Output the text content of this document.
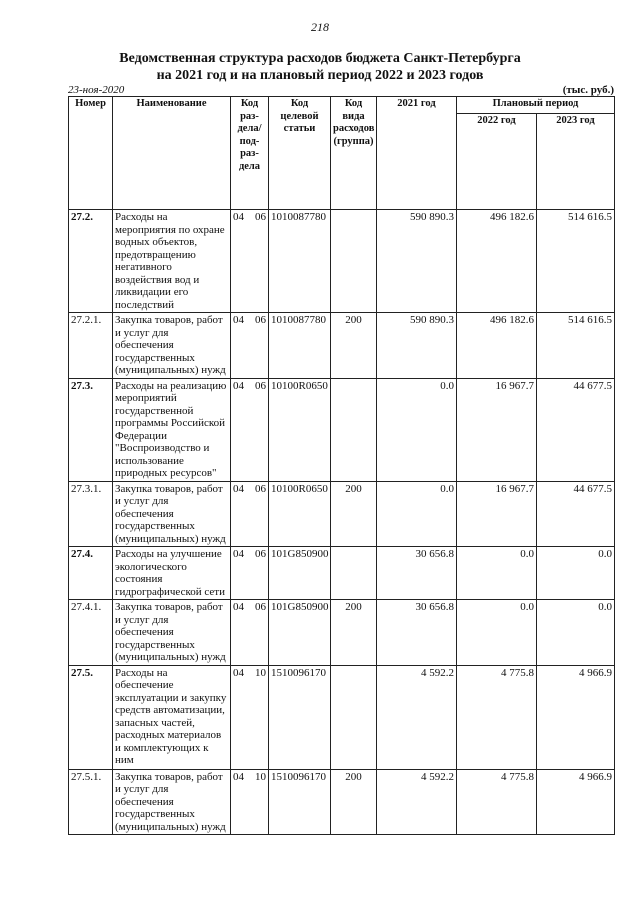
218
Ведомственная структура расходов бюджета Санкт-Петербурга
на 2021 год и на плановый период 2022 и 2023 годов
23-ноя-2020	(тыс. руб.)
Номер	Наименование	Код раз-дела/ под-раз-дела	Код целевой статьи	Код вида расходов (группа)	2021 год	Плановый период	
						2022 год	2023 год
27.2.	Расходы на мероприятия по охране водных объектов, предотвращению негативного воздействия вод и ликвидации его последствий	04 06	1010087780		590 890.3	496 182.6	514 616.5
27.2.1.	Закупка товаров, работ и услуг для обеспечения государственных (муниципальных) нужд	04 06	1010087780	200	590 890.3	496 182.6	514 616.5
27.3.	Расходы на реализацию мероприятий государственной программы Российской Федерации "Воспроизводство и использование природных ресурсов"	04 06	10100R0650		0.0	16 967.7	44 677.5
27.3.1.	Закупка товаров, работ и услуг для обеспечения государственных (муниципальных) нужд	04 06	10100R0650	200	0.0	16 967.7	44 677.5
27.4.	Расходы на улучшение экологического состояния гидрографической сети	04 06	101G850900		30 656.8	0.0	0.0
27.4.1.	Закупка товаров, работ и услуг для обеспечения государственных (муниципальных) нужд	04 06	101G850900	200	30 656.8	0.0	0.0
27.5.	Расходы на обеспечение эксплуатации и закупку средств автоматизации, запасных частей, расходных материалов и комплектующих к ним	04 10	1510096170		4 592.2	4 775.8	4 966.9
27.5.1.	Закупка товаров, работ и услуг для обеспечения государственных (муниципальных) нужд	04 10	1510096170	200	4 592.2	4 775.8	4 966.9
